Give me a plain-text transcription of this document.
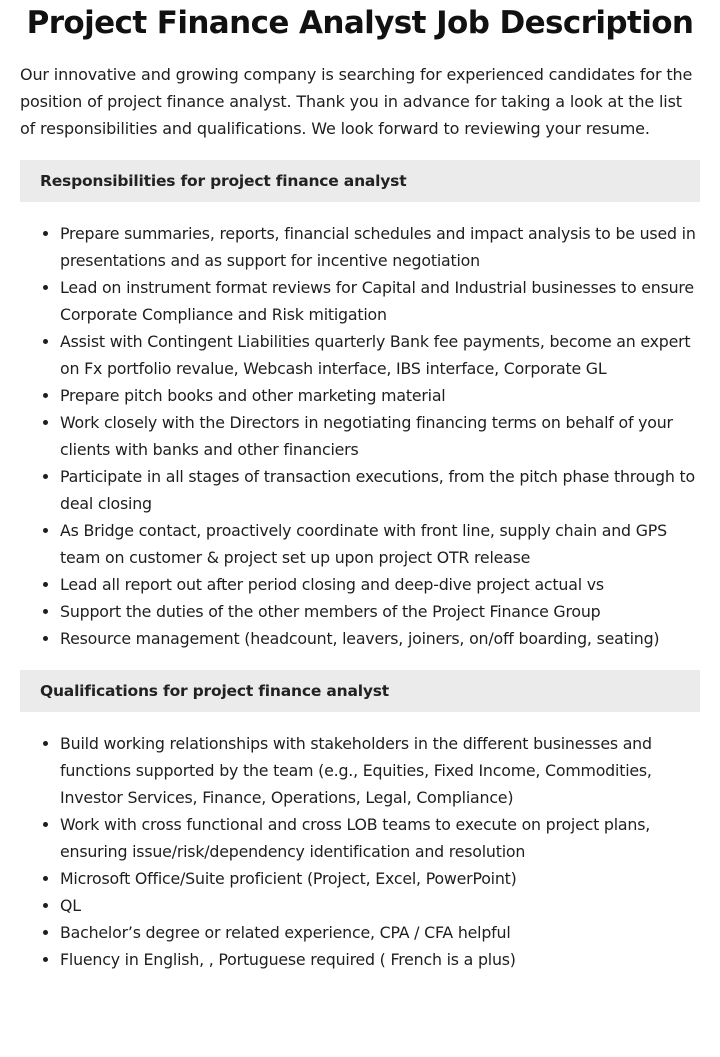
Project Finance Analyst Job Description

Our innovative and growing company is searching for experienced candidates for the position of project finance analyst. Thank you in advance for taking a look at the list of responsibilities and qualifications. We look forward to reviewing your resume.

Responsibilities for project finance analyst
Prepare summaries, reports, financial schedules and impact analysis to be used in presentations and as support for incentive negotiation
Lead on instrument format reviews for Capital and Industrial businesses to ensure Corporate Compliance and Risk mitigation
Assist with Contingent Liabilities quarterly Bank fee payments, become an expert on Fx portfolio revalue, Webcash interface, IBS interface, Corporate GL
Prepare pitch books and other marketing material
Work closely with the Directors in negotiating financing terms on behalf of your clients with banks and other financiers
Participate in all stages of transaction executions, from the pitch phase through to deal closing
As Bridge contact, proactively coordinate with front line, supply chain and GPS team on customer & project set up upon project OTR release
Lead all report out after period closing and deep-dive project actual vs
Support the duties of the other members of the Project Finance Group
Resource management (headcount, leavers, joiners, on/off boarding, seating)
Qualifications for project finance analyst
Build working relationships with stakeholders in the different businesses and functions supported by the team (e.g., Equities, Fixed Income, Commodities, Investor Services, Finance, Operations, Legal, Compliance)
Work with cross functional and cross LOB teams to execute on project plans, ensuring issue/risk/dependency identification and resolution
Microsoft Office/Suite proficient (Project, Excel, PowerPoint)
QL
Bachelor’s degree or related experience, CPA / CFA helpful
Fluency in English, , Portuguese required ( French is a plus)
